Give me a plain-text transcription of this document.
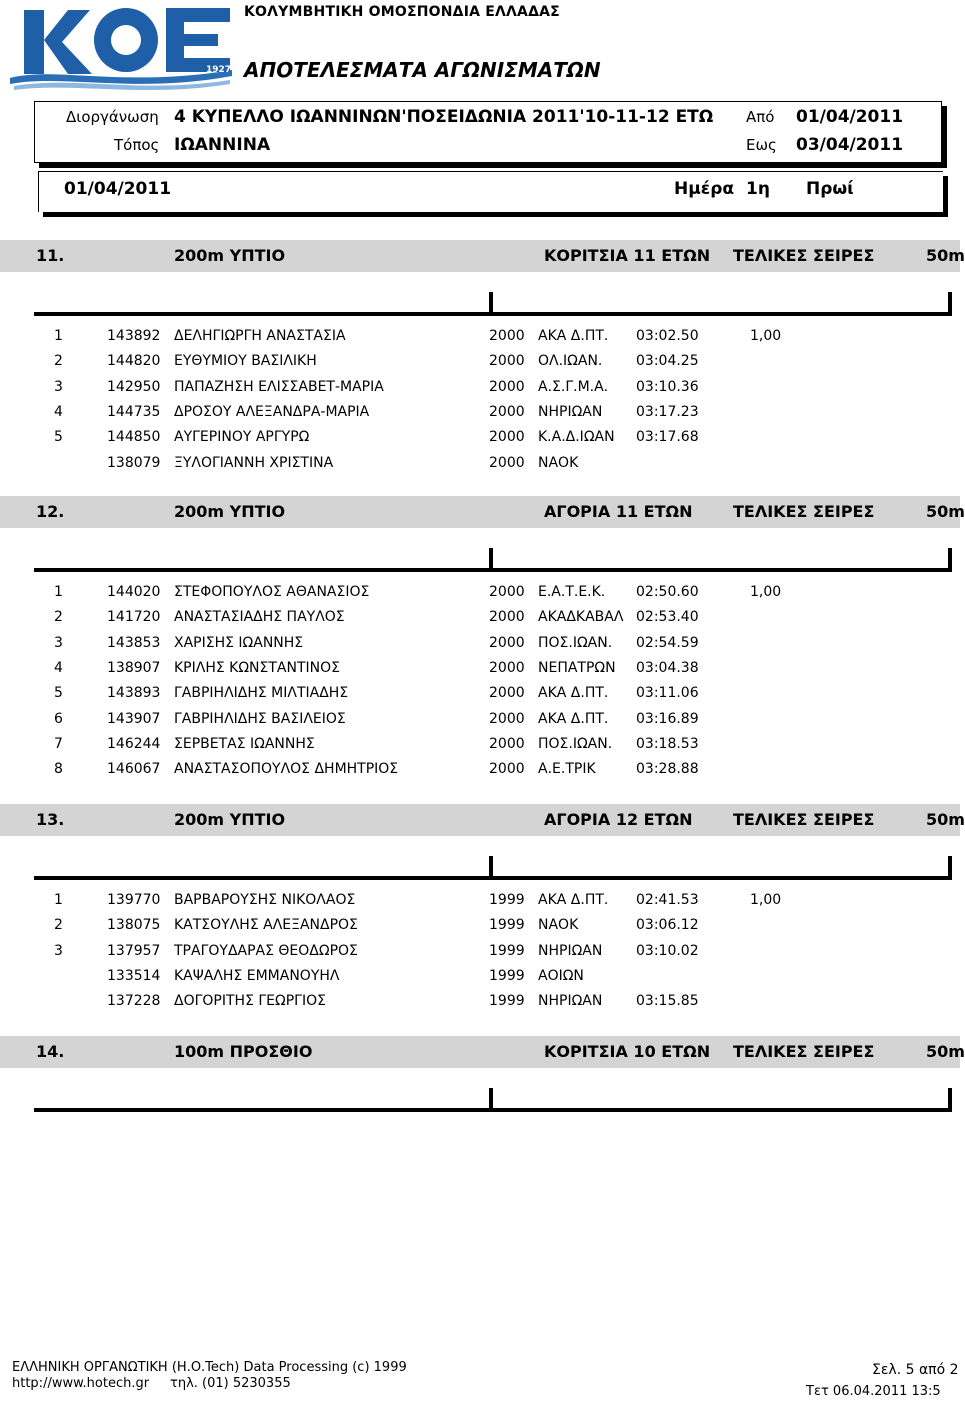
1927
ΚΟΛΥΜΒΗΤΙΚΗ ΟΜΟΣΠΟΝΔΙΑ ΕΛΛΑΔΑΣ
ΑΠΟΤΕΛΕΣΜΑΤΑ ΑΓΩΝΙΣΜΑΤΩΝ
Διοργάνωση 4 ΚΥΠΕΛΛΟ ΙΩΑΝΝΙΝΩΝ'ΠΟΣΕΙΔΩΝΙΑ 2011'10-11-12 ΕΤΩ Από 01/04/2011
Τόπος ΙΩΑΝΝΙΝΑ	Εως 03/04/2011
01/04/2011	Ημέρα 1η Πρωί
11.	200m ΥΠΤΙΟ	ΚΟΡΙΤΣΙΑ 11 ΕΤΩΝ ΤΕΛΙΚΕΣ ΣΕΙΡΕΣ	50m
1	143892 ΔΕΛΗΓΙΩΡΓΗ ΑΝΑΣΤΑΣΙΑ	2000 ΑΚΑ Δ.ΠΤ. 03:02.50	1,00
2	144820 ΕΥΘΥΜΙΟΥ ΒΑΣΙΛΙΚΗ	2000 ΟΛ.ΙΩΑΝ. 03:04.25
3	142950 ΠΑΠΑΖΗΣΗ ΕΛΙΣΣΑΒΕΤ-ΜΑΡΙΑ	2000 Α.Σ.Γ.Μ.Α. 03:10.36
4	144735 ΔΡΟΣΟΥ ΑΛΕΞΑΝΔΡΑ-ΜΑΡΙΑ	2000 ΝΗΡΙΩΑΝ 03:17.23
5	144850 ΑΥΓΕΡΙΝΟΥ ΑΡΓΥΡΩ	2000 Κ.Α.Δ.ΙΩΑΝ 03:17.68
138079 ΞΥΛΟΓΙΑΝΝΗ ΧΡΙΣΤΙΝΑ	2000 ΝΑΟΚ
12.	200m ΥΠΤΙΟ	ΑΓΟΡΙΑ 11 ΕΤΩΝ	ΤΕΛΙΚΕΣ ΣΕΙΡΕΣ	50m
1	144020 ΣΤΕΦΟΠΟΥΛΟΣ ΑΘΑΝΑΣΙΟΣ	2000 Ε.Α.Τ.Ε.Κ. 02:50.60	1,00
2	141720 ΑΝΑΣΤΑΣΙΑΔΗΣ ΠΑΥΛΟΣ	2000 ΑΚΑΔΚΑΒΑΛ 02:53.40
3	143853 ΧΑΡΙΣΗΣ ΙΩΑΝΝΗΣ	2000 ΠΟΣ.ΙΩΑΝ. 02:54.59
4	138907 ΚΡΙΛΗΣ ΚΩΝΣΤΑΝΤΙΝΟΣ	2000 ΝΕΠΑΤΡΩΝ 03:04.38
5	143893 ΓΑΒΡΙΗΛΙΔΗΣ ΜΙΛΤΙΑΔΗΣ	2000 ΑΚΑ Δ.ΠΤ. 03:11.06
6	143907 ΓΑΒΡΙΗΛΙΔΗΣ ΒΑΣΙΛΕΙΟΣ	2000 ΑΚΑ Δ.ΠΤ. 03:16.89
7	146244 ΣΕΡΒΕΤΑΣ ΙΩΑΝΝΗΣ	2000 ΠΟΣ.ΙΩΑΝ. 03:18.53
8	146067 ΑΝΑΣΤΑΣΟΠΟΥΛΟΣ ΔΗΜΗΤΡΙΟΣ	2000 Α.Ε.ΤΡΙΚ	03:28.88
13.	200m ΥΠΤΙΟ	ΑΓΟΡΙΑ 12 ΕΤΩΝ	ΤΕΛΙΚΕΣ ΣΕΙΡΕΣ	50m
1	139770 ΒΑΡΒΑΡΟΥΣΗΣ ΝΙΚΟΛΑΟΣ	1999 ΑΚΑ Δ.ΠΤ. 02:41.53	1,00
2	138075 ΚΑΤΣΟΥΛΗΣ ΑΛΕΞΑΝΔΡΟΣ	1999 ΝΑΟΚ	03:06.12
3	137957 ΤΡΑΓΟΥΔΑΡΑΣ ΘΕΟΔΩΡΟΣ	1999 ΝΗΡΙΩΑΝ 03:10.02
133514 ΚΑΨΑΛΗΣ ΕΜΜΑΝΟΥΗΛ	1999 ΑΟΙΩΝ
137228 ΔΟΓΟΡΙΤΗΣ ΓΕΩΡΓΙΟΣ	1999 ΝΗΡΙΩΑΝ 03:15.85
14.	100m ΠΡΟΣΘΙΟ	ΚΟΡΙΤΣΙΑ 10 ΕΤΩΝ ΤΕΛΙΚΕΣ ΣΕΙΡΕΣ	50m
ΕΛΛΗΝΙΚΗ ΟΡΓΑΝΩΤΙΚΗ (Η.Ο.Tech) Data Processing (c) 1999
http://www.hotech.gr τηλ. (01) 5230355
Σελ. 5 από 2
Τετ 06.04.2011 13:5
